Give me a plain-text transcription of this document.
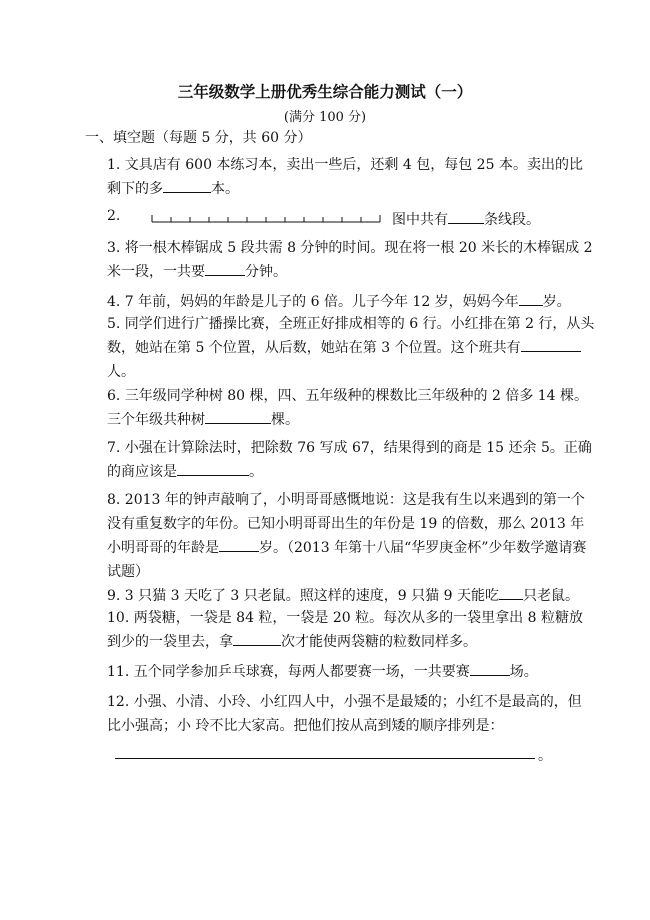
三年级数学上册优秀生综合能力测试（一）
(满分 100 分)
一、填空题（每题 5 分，共 60 分）
1. 文具店有 600 本练习本，卖出一些后，还剩 4 包，每包 25 本。卖出的比剩下的多	本。
2.	图中共有	条线段。
3. 将一根木棒锯成 5 段共需 8 分钟的时间。现在将一根 20 米长的木棒锯成 2 米一段，一共要	分钟。
4. 7 年前，妈妈的年龄是儿子的 6 倍。儿子今年 12 岁，妈妈今年 岁。
5. 同学们进行广播操比赛，全班正好排成相等的 6 行。小红排在第 2 行，从头数，她站在第 5 个位置，从后数，她站在第 3 个位置。这个班共有人。
6. 三年级同学种树 80 棵，四、五年级种的棵数比三年级种的 2 倍多 14 棵。三个年级共种树	棵。
7. 小强在计算除法时，把除数 76 写成 67，结果得到的商是 15 还余 5。正确的商应该是	。
8. 2013 年的钟声敲响了，小明哥哥感慨地说：这是我有生以来遇到的第一个没有重复数字的年份。已知小明哥哥出生的年份是 19 的倍数，那么 2013 年小明哥哥的年龄是	岁。（2013 年第十八届“华罗庚金杯”少年数学邀请赛试题）
9. 3 只猫 3 天吃了 3 只老鼠。照这样的速度，9 只猫 9 天能吃 只老鼠。
10. 两袋糖，一袋是 84 粒，一袋是 20 粒。每次从多的一袋里拿出 8 粒糖放到少的一袋里去，拿	次才能使两袋糖的粒数同样多。
11. 五个同学参加乒乓球赛，每两人都要赛一场，一共要赛	场。
12. 小强、小清、小玲、小红四人中，小强不是最矮的；小红不是最高的，但比小强高；小 玲不比大家高。把他们按从高到矮的顺序排列是：
。
